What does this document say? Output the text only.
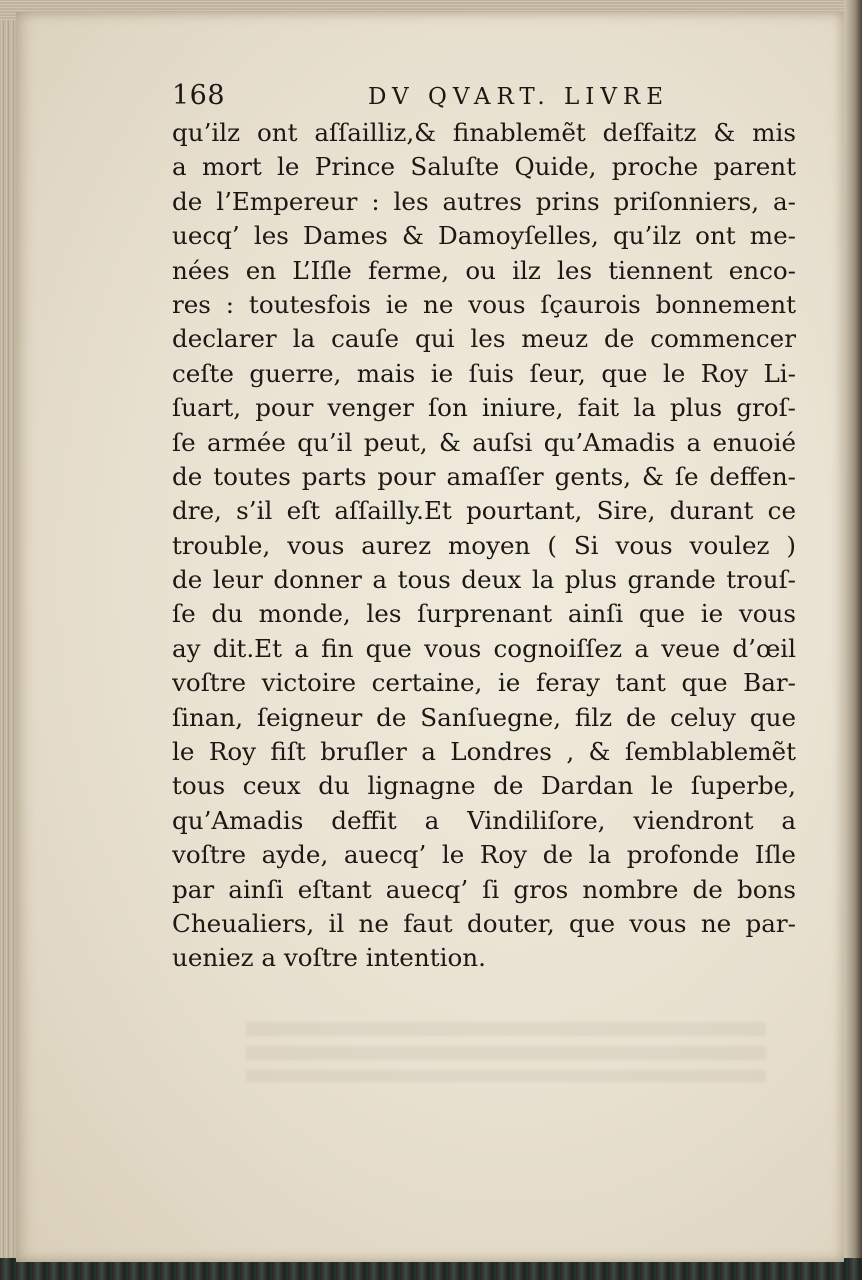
168	DV QVART. LIVRE
qu’ilz ont aſſailliz,& finablemẽt deſfaitz & mis
a mort le Prince Saluſte Quide, proche parent
de l’Empereur : les autres prins priſonniers, a-
uecq’ les Dames & Damoyſelles, qu’ilz ont me-
nées en L’Iſle ferme, ou ilz les tiennent enco-
res : toutesfois ie ne vous ſçaurois bonnement
declarer la cauſe qui les meuz de commencer
ceſte guerre, mais ie ſuis ſeur, que le Roy Li-
ſuart, pour venger ſon iniure, fait la plus groſ-
ſe armée qu’il peut, & auſsi qu’Amadis a enuoié
de toutes parts pour amaſſer gents, & ſe deffen-
dre, s’il eſt aſſailly.Et pourtant, Sire, durant ce
trouble, vous aurez moyen ( Si vous voulez )
de leur donner a tous deux la plus grande trouſ-
ſe du monde, les ſurprenant ainſi que ie vous
ay dit.Et a fin que vous cognoiſſez a veue d’œil
voſtre victoire certaine, ie feray tant que Bar-
ſinan, ſeigneur de Sanſuegne, filz de celuy que
le Roy fiſt bruſler a Londres , & ſemblablemẽt
tous ceux du lignagne de Dardan le ſuperbe,
qu’Amadis deffit a Vindiliſore, viendront a
voſtre ayde, auecq’ le Roy de la profonde Iſle
par ainſi eſtant auecq’ ſi gros nombre de bons
Cheualiers, il ne faut douter, que vous ne par-
ueniez a voſtre intention.
